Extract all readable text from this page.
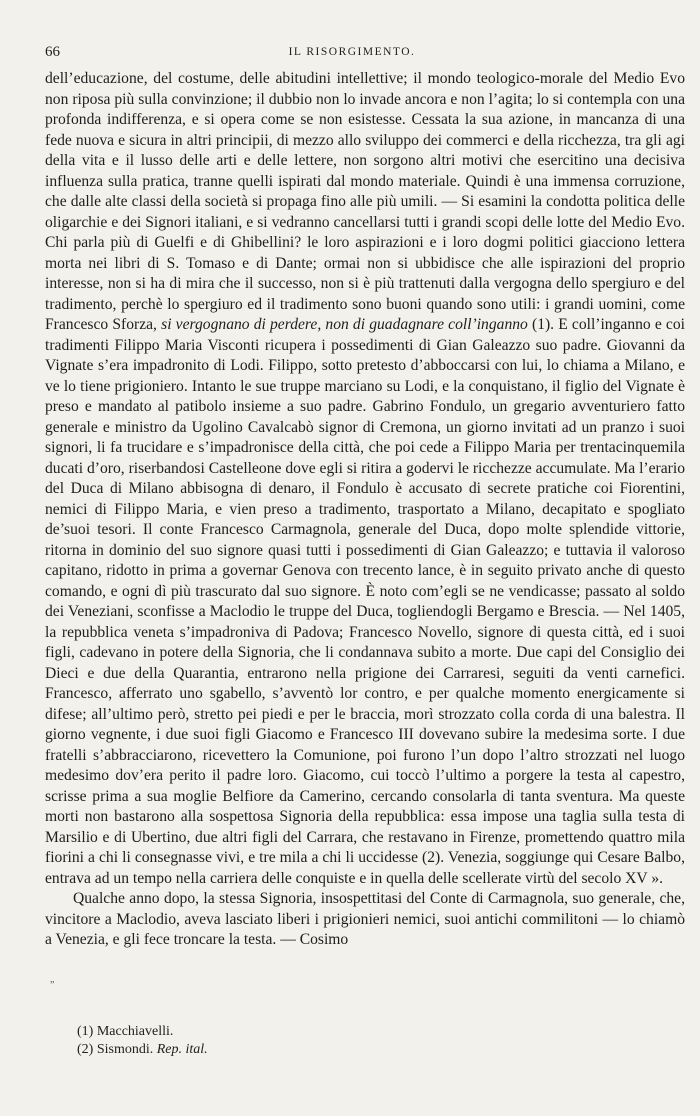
66	IL RISORGIMENTO.

dell’educazione, del costume, delle abitudini intellettive; il mondo teologico-morale del Medio Evo non riposa più sulla convinzione; il dubbio non lo invade ancora e non l’agita; lo si contempla con una profonda indifferenza, e si opera come se non esistesse. Cessata la sua azione, in mancanza di una fede nuova e sicura in altri principii, di mezzo allo sviluppo dei commerci e della ricchezza, tra gli agi della vita e il lusso delle arti e delle lettere, non sorgono altri motivi che esercitino una decisiva influenza sulla pratica, tranne quelli ispirati dal mondo materiale. Quindi è una immensa corruzione, che dalle alte classi della società si propaga fino alle più umili. — Si esamini la condotta politica delle oligarchie e dei Signori italiani, e si vedranno cancellarsi tutti i grandi scopi delle lotte del Medio Evo. Chi parla più di Guelfi e di Ghibellini? le loro aspirazioni e i loro dogmi politici giacciono lettera morta nei libri di S. Tomaso e di Dante; ormai non si ubbidisce che alle ispirazioni del proprio interesse, non si ha di mira che il successo, non si è più trattenuti dalla vergogna dello spergiuro e del tradimento, perchè lo spergiuro ed il tradimento sono buoni quando sono utili: i grandi uomini, come Francesco Sforza, si vergognano di perdere, non di guadagnare coll’inganno (1). E coll’inganno e coi tradimenti Filippo Maria Visconti ricupera i possedimenti di Gian Galeazzo suo padre. Giovanni da Vignate s’era impadronito di Lodi. Filippo, sotto pretesto d’abboccarsi con lui, lo chiama a Milano, e ve lo tiene prigioniero. Intanto le sue truppe marciano su Lodi, e la conquistano, il figlio del Vignate è preso e mandato al patibolo insieme a suo padre. Gabrino Fondulo, un gregario avventuriero fatto generale e ministro da Ugolino Cavalcabò signor di Cremona, un giorno invitati ad un pranzo i suoi signori, li fa trucidare e s’impadronisce della città, che poi cede a Filippo Maria per trentacinquemila ducati d’oro, riserbandosi Castelleone dove egli si ritira a godervi le ricchezze accumulate. Ma l’erario del Duca di Milano abbisogna di denaro, il Fondulo è accusato di secrete pratiche coi Fiorentini, nemici di Filippo Maria, e vien preso a tradimento, trasportato a Milano, decapitato e spogliato de’suoi tesori. Il conte Francesco Carmagnola, generale del Duca, dopo molte splendide vittorie, ritorna in dominio del suo signore quasi tutti i possedimenti di Gian Galeazzo; e tuttavia il valoroso capitano, ridotto in prima a governar Genova con trecento lance, è in seguito privato anche di questo comando, e ogni dì più trascurato dal suo signore. È noto com’egli se ne vendicasse; passato al soldo dei Veneziani, sconfisse a Maclodio le truppe del Duca, togliendogli Bergamo e Brescia. — Nel 1405, la repubblica veneta s’impadroniva di Padova; Francesco Novello, signore di questa città, ed i suoi figli, cadevano in potere della Signoria, che li condannava subito a morte. Due capi del Consiglio dei Dieci e due della Quarantia, entrarono nella prigione dei Carraresi, seguiti da venti carnefici. Francesco, afferrato uno sgabello, s’avventò lor contro, e per qualche momento energicamente si difese; all’ultimo però, stretto pei piedi e per le braccia, morì strozzato colla corda di una balestra. Il giorno vegnente, i due suoi figli Giacomo e Francesco III dovevano subire la medesima sorte. I due fratelli s’abbracciarono, ricevettero la Comunione, poi furono l’un dopo l’altro strozzati nel luogo medesimo dov’era perito il padre loro. Giacomo, cui toccò l’ultimo a porgere la testa al capestro, scrisse prima a sua moglie Belfiore da Camerino, cercando consolarla di tanta sventura. Ma queste morti non bastarono alla sospettosa Signoria della repubblica: essa impose una taglia sulla testa di Marsilio e di Ubertino, due altri figli del Carrara, che restavano in Firenze, promettendo quattro mila fiorini a chi li consegnasse vivi, e tre mila a chi li uccidesse (2). Venezia, soggiunge qui Cesare Balbo, entrava ad un tempo nella carriera delle conquiste e in quella delle scellerate virtù del secolo XV ».

Qualche anno dopo, la stessa Signoria, insospettitasi del Conte di Carmagnola, suo generale, che, vincitore a Maclodio, aveva lasciato liberi i prigionieri nemici, suoi antichi commilitoni — lo chiamò a Venezia, e gli fece troncare la testa. — Cosimo

”
(1) Macchiavelli.
(2) Sismondi. Rep. ital.
